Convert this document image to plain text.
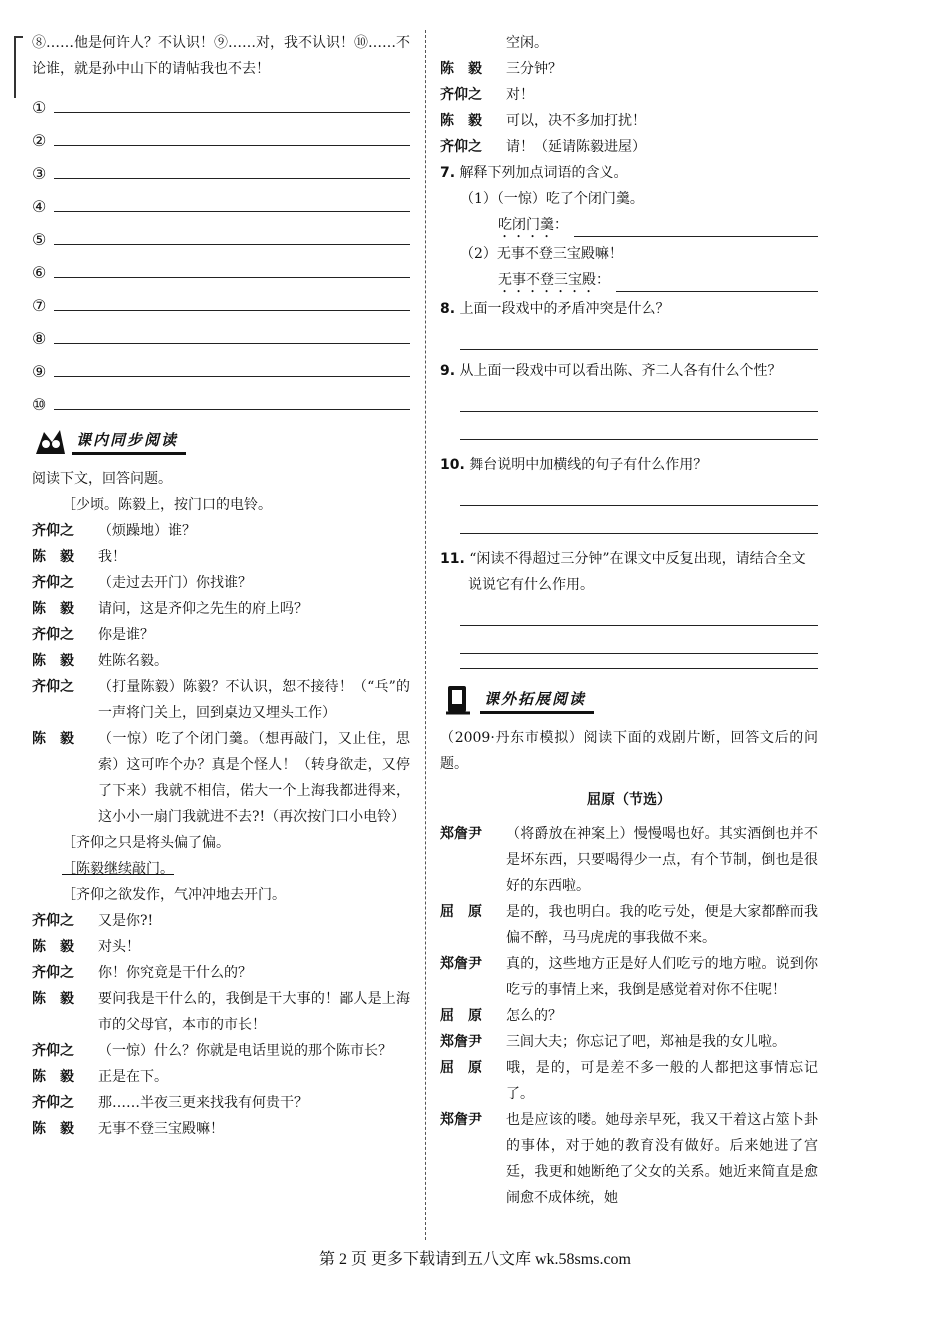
⑧……他是何许人？不认识！⑨……对，我不认识！⑩……不论谁，就是孙中山下的请帖我也不去！

①
②
③
④
⑤
⑥
⑦
⑧
⑨
⑩
课内同步阅读

阅读下文，回答问题。

［少顷。陈毅上，按门口的电铃。
齐仰之	（烦躁地）谁？
陈　毅	我！
齐仰之	（走过去开门）你找谁？
陈　毅	请问，这是齐仰之先生的府上吗？
齐仰之	你是谁？
陈　毅	姓陈名毅。
齐仰之	（打量陈毅）陈毅？不认识，恕不接待！（“乓”的一声将门关上，回到桌边又埋头工作）
陈　毅	（一惊）吃了个闭门羹。（想再敲门，又止住，思索）这可咋个办？真是个怪人！（转身欲走，又停了下来）我就不相信，偌大一个上海我都进得来，这小小一扇门我就进不去?!（再次按门口小电铃）
［齐仰之只是将头偏了偏。
［陈毅继续敲门。
［齐仰之欲发作，气冲冲地去开门。
齐仰之	又是你?!
陈　毅	对头！
齐仰之	你！你究竟是干什么的？
陈　毅	要问我是干什么的，我倒是干大事的！鄙人是上海市的父母官，本市的市长！
齐仰之	（一惊）什么？你就是电话里说的那个陈市长？
陈　毅	正是在下。
齐仰之	那……半夜三更来找我有何贵干？
陈　毅	无事不登三宝殿嘛！
空闲。
陈　毅	三分钟？
齐仰之	对！
陈　毅	可以，决不多加打扰！
齐仰之	请！（延请陈毅进屋）

7. 解释下列加点词语的含义。

（1）（一惊）吃了个闭门羹。

吃闭门羹：

（2）无事不登三宝殿嘛！

无事不登三宝殿：

8. 上面一段戏中的矛盾冲突是什么？

9. 从上面一段戏中可以看出陈、齐二人各有什么个性？

10. 舞台说明中加横线的句子有什么作用？

11. “闲读不得超过三分钟”在课文中反复出现，请结合全文说说它有什么作用。

课外拓展阅读

（2009·丹东市模拟）阅读下面的戏剧片断，回答文后的问题。

屈原（节选）

郑詹尹	（将爵放在神案上）慢慢喝也好。其实酒倒也并不是坏东西，只要喝得少一点，有个节制，倒也是很好的东西啦。
屈　原	是的，我也明白。我的吃亏处，便是大家都醉而我偏不醉，马马虎虎的事我做不来。
郑詹尹	真的，这些地方正是好人们吃亏的地方啦。说到你吃亏的事情上来，我倒是感觉着对你不住呢！
屈　原	怎么的？
郑詹尹	三闾大夫；你忘记了吧，郑袖是我的女儿啦。
屈　原	哦，是的，可是差不多一般的人都把这事情忘记了。
郑詹尹	也是应该的喽。她母亲早死，我又干着这占筮卜卦的事体，对于她的教育没有做好。后来她进了宫廷，我更和她断绝了父女的关系。她近来简直是愈闹愈不成体统，她
第 2 页 更多下载请到五八文库 wk.58sms.com
